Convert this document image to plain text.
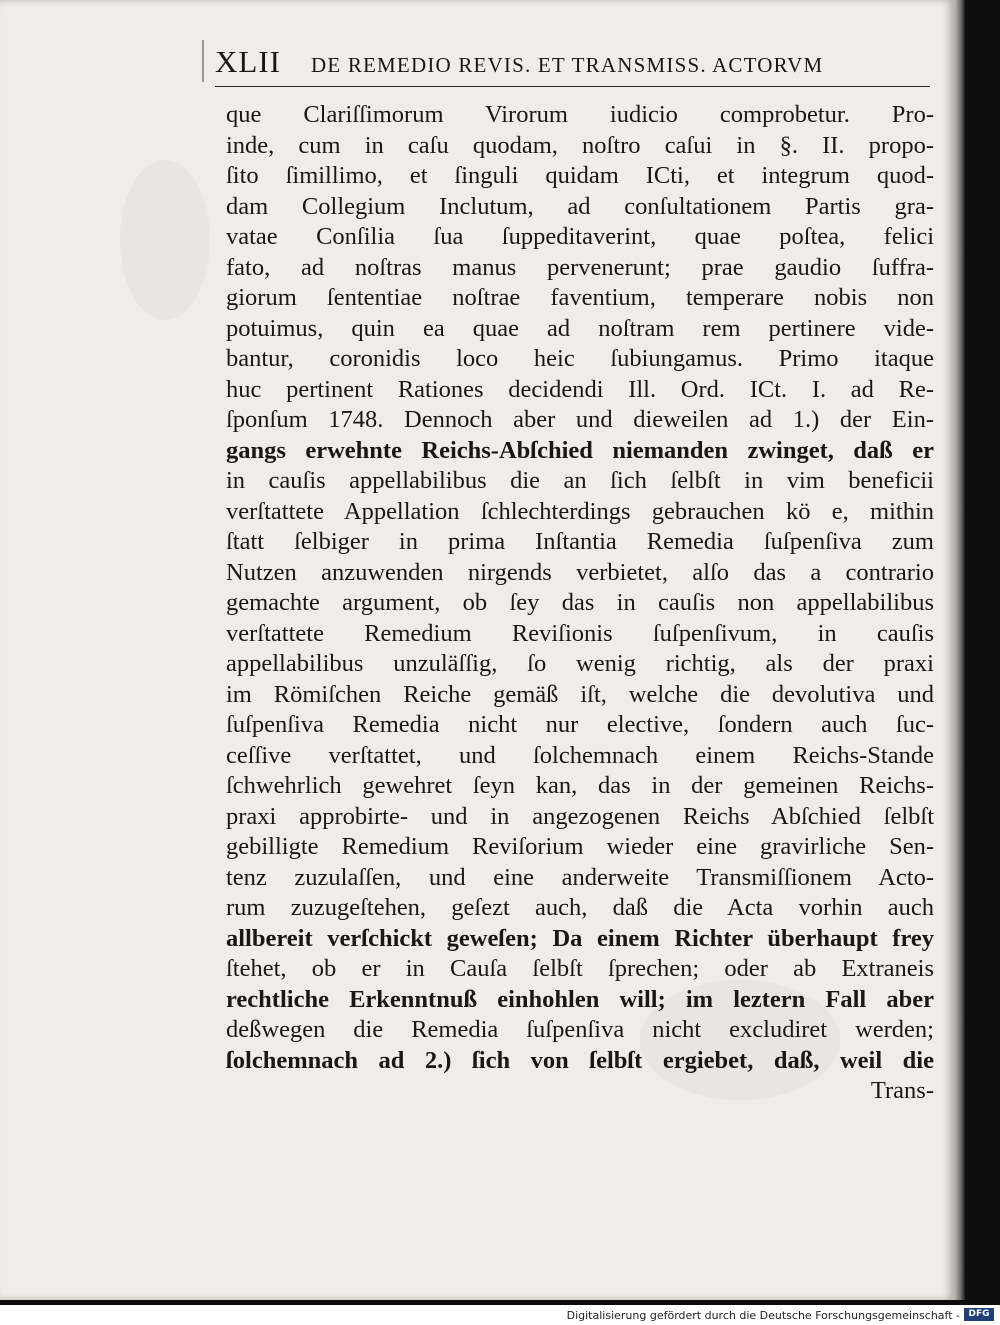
XLII DE REMEDIO REVIS. ET TRANSMISS. ACTORVM
que Clariſſimorum Virorum iudicio comprobetur. Pro-
inde, cum in caſu quodam, noſtro caſui in §. II. propo-
ſito ſimillimo, et ſinguli quidam ICti, et integrum quod-
dam Collegium Inclutum, ad conſultationem Partis gra-
vatae Conſilia ſua ſuppeditaverint, quae poſtea, felici
fato, ad noſtras manus pervenerunt; prae gaudio ſuffra-
giorum ſententiae noſtrae faventium, temperare nobis non
potuimus, quin ea quae ad noſtram rem pertinere vide-
bantur, coronidis loco heic ſubiungamus. Primo itaque
huc pertinent Rationes decidendi Ill. Ord. ICt. I. ad Re-
ſponſum 1748. Dennoch aber und dieweilen ad 1.) der Ein-
gangs erwehnte Reichs-Abſchied niemanden zwinget, daß er
in cauſis appellabilibus die an ſich ſelbſt in vim beneficii
verſtattete Appellation ſchlechterdings gebrauchen kö e, mithin
ſtatt ſelbiger in prima Inſtantia Remedia ſuſpenſiva zum
Nutzen anzuwenden nirgends verbietet, alſo das a contrario
gemachte argument, ob ſey das in cauſis non appellabilibus
verſtattete Remedium Reviſionis ſuſpenſivum, in cauſis
appellabilibus unzuläſſig, ſo wenig richtig, als der praxi
im Römiſchen Reiche gemäß iſt, welche die devolutiva und
ſuſpenſiva Remedia nicht nur elective, ſondern auch ſuc-
ceſſive verſtattet, und ſolchemnach einem Reichs-Stande
ſchwehrlich gewehret ſeyn kan, das in der gemeinen Reichs-
praxi approbirte- und in angezogenen Reichs Abſchied ſelbſt
gebilligte Remedium Reviſorium wieder eine gravirliche Sen-
tenz zuzulaſſen, und eine anderweite Transmiſſionem Acto-
rum zuzugeſtehen, geſezt auch, daß die Acta vorhin auch
allbereit verſchickt geweſen; Da einem Richter überhaupt frey
ſtehet, ob er in Cauſa ſelbſt ſprechen; oder ab Extraneis
rechtliche Erkenntnuß einhohlen will; im leztern Fall aber
deßwegen die Remedia ſuſpenſiva nicht excludiret werden;
ſolchemnach ad 2.) ſich von ſelbſt ergiebet, daß, weil die
Trans-
Digitalisierung gefördert durch die Deutsche Forschungsgemeinschaft - DFG
